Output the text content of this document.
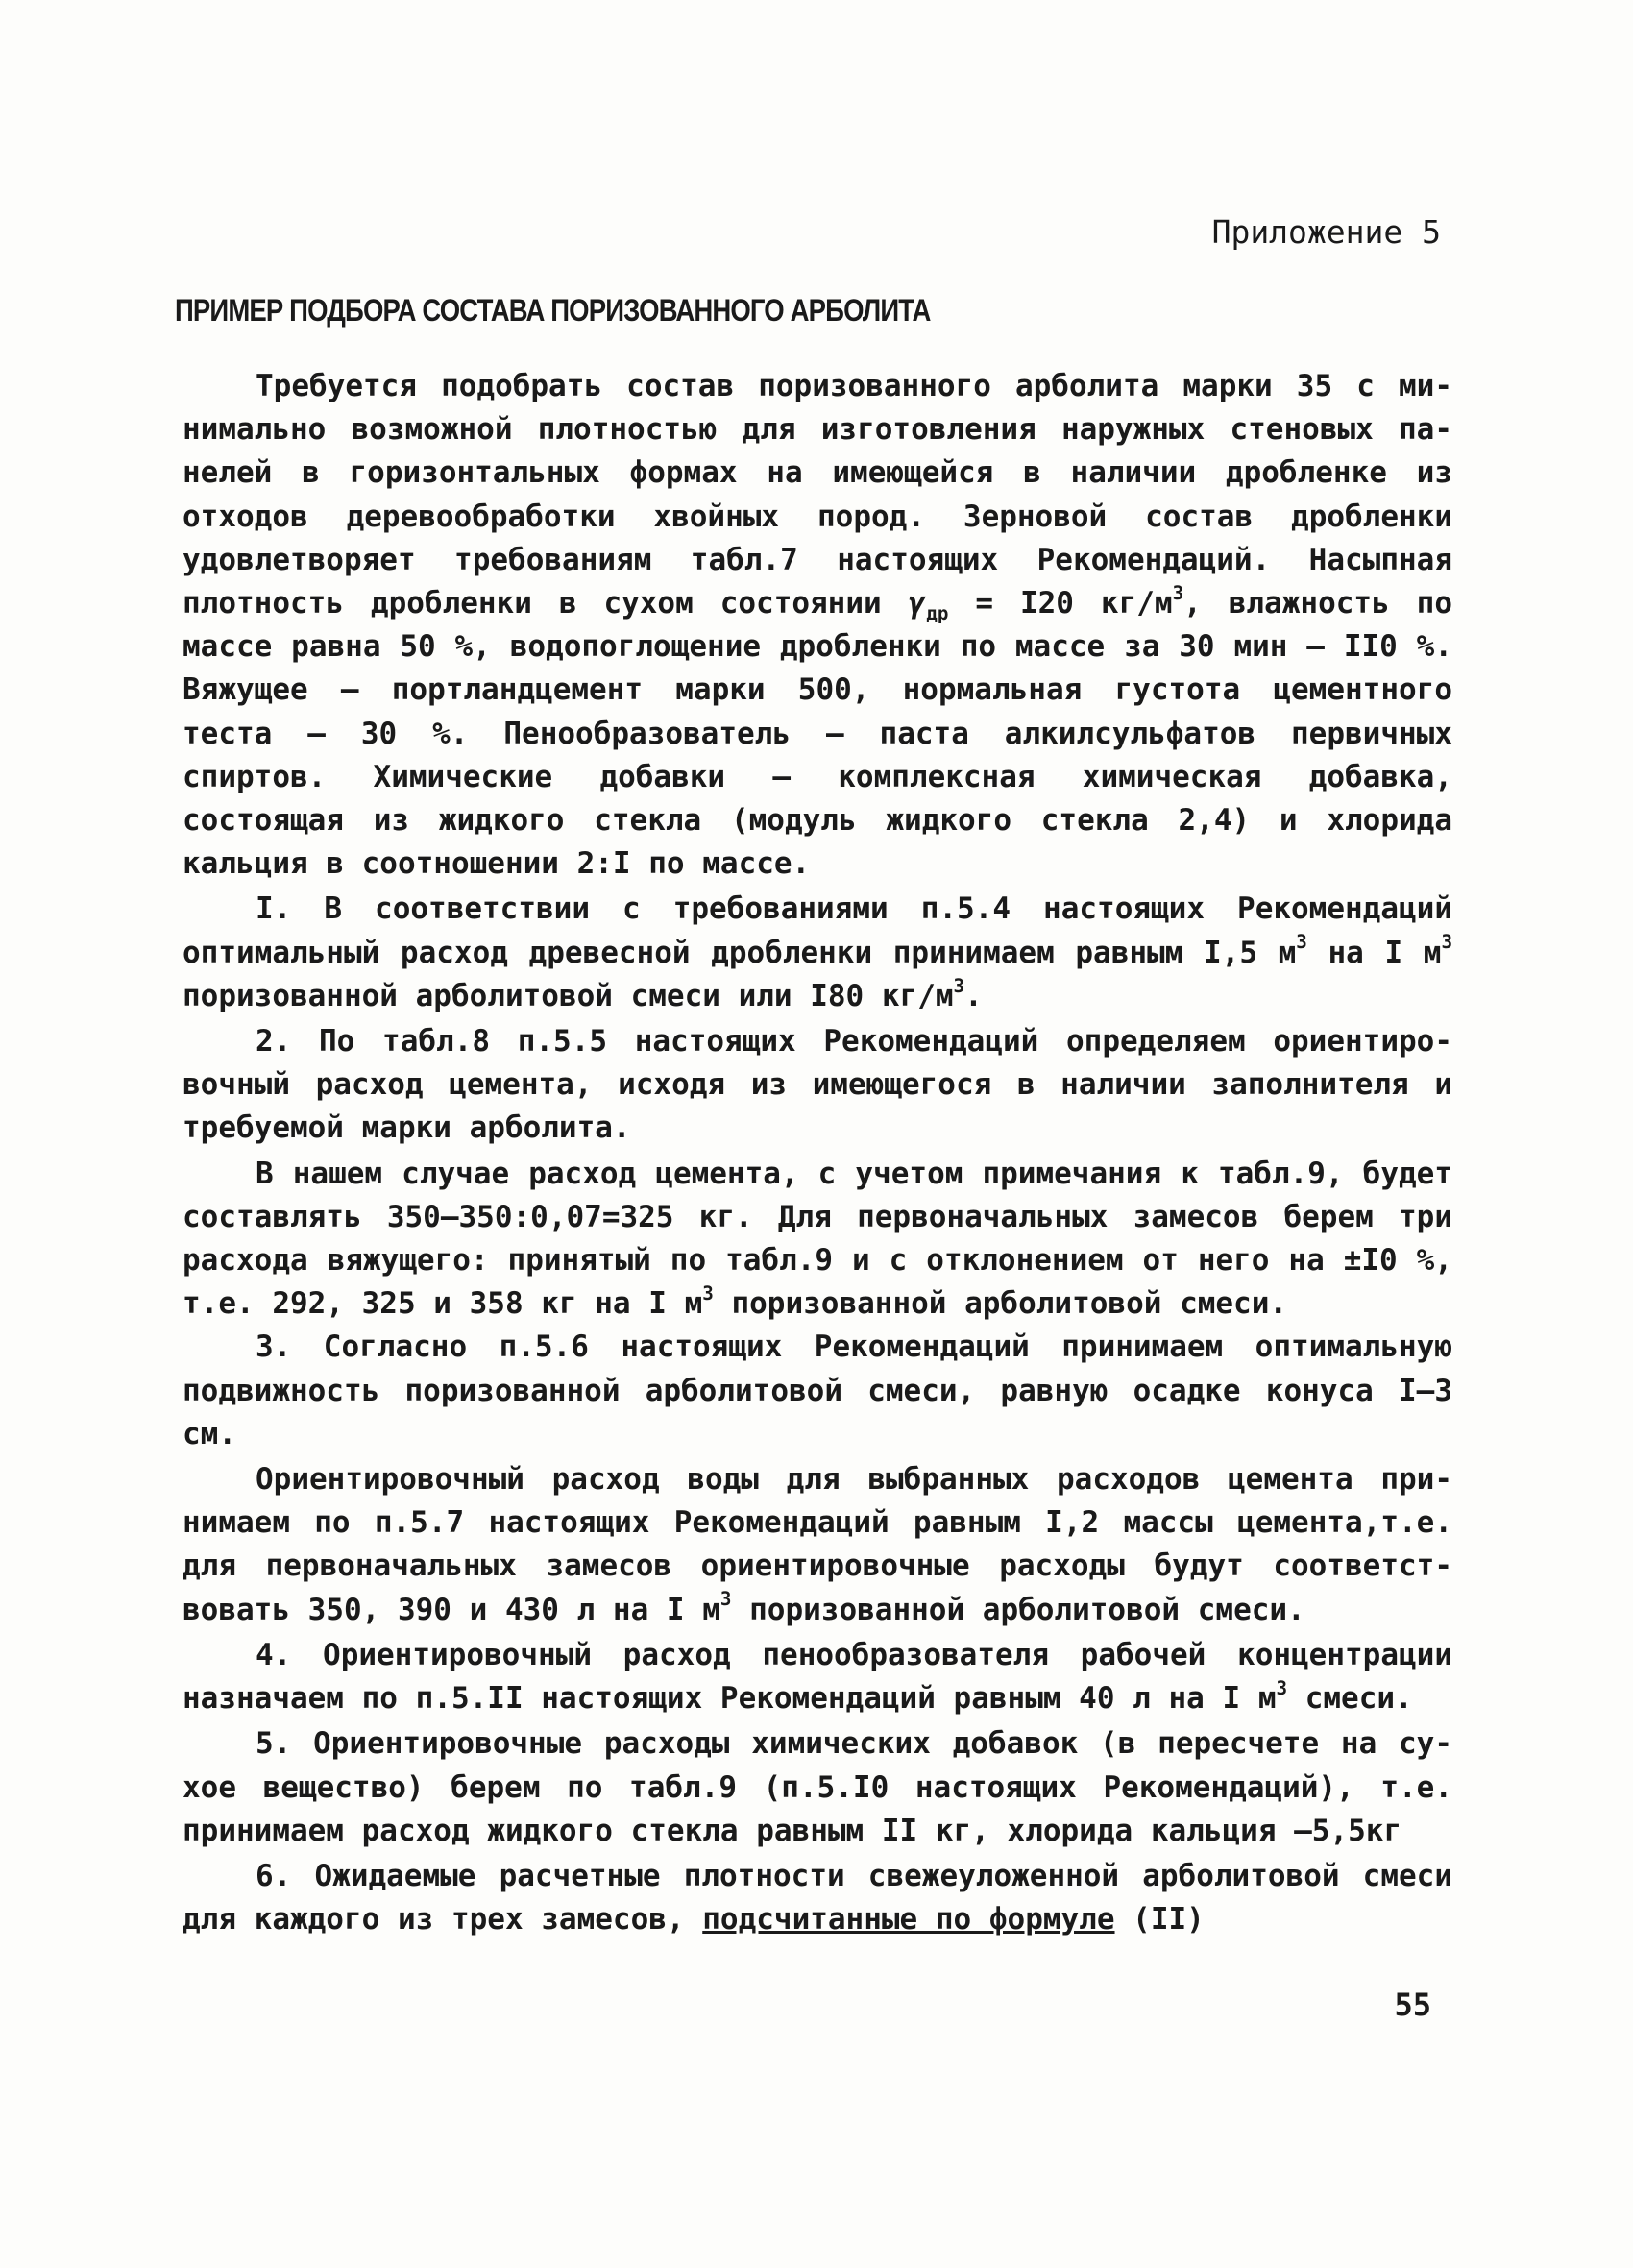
Приложение 5
ПРИМЕР ПОДБОРА СОСТАВА ПОРИЗОВАННОГО АРБОЛИТА

Требуется подобрать состав поризованного арболита марки 35 с минимально возможной плотностью для изготовления наружных стеновых панелей в горизонтальных формах на имеющейся в наличии дробленке из отходов деревообработки хвойных пород. Зерновой состав дробленки удовлетворяет требованиям табл.7 настоящих Рекомендаций. Насыпная плотность дробленки в сухом состоянии $\gamma_{др} = I20$ $кг/м^3$, влажность по массе равна 50 %, водопоглощение дробленки по массе за 30 мин – II0 %. Вяжущее – портландцемент марки 500, нормальная густота цементного теста – 30 %. Пенообразователь – паста алкилсульфатов первичных спиртов. Химические добавки – комплексная химическая добавка, состоящая из жидкого стекла (модуль жидкого стекла 2,4) и хлорида кальция в соотношении 2:I по массе.

I. В соответствии с требованиями п.5.4 настоящих Рекомендаций оптимальный расход древесной дробленки принимаем равным I,5 $м^3$ на I $м^3$ поризованной арболитовой смеси или I80 $кг/м^3$.

2. По табл.8 п.5.5 настоящих Рекомендаций определяем ориентировочный расход цемента, исходя из имеющегося в наличии заполнителя и требуемой марки арболита.

В нашем случае расход цемента, с учетом примечания к табл.9, будет составлять 350–350:0,07=325 кг. Для первоначальных замесов берем три расхода вяжущего: принятый по табл.9 и с отклонением от него на ±I0 %, т.е. 292, 325 и 358 кг на I $м^3$ поризованной арболитовой смеси.

3. Согласно п.5.6 настоящих Рекомендаций принимаем оптимальную подвижность поризованной арболитовой смеси, равную осадке конуса I–3 см.

Ориентировочный расход воды для выбранных расходов цемента принимаем по п.5.7 настоящих Рекомендаций равным I,2 массы цемента,т.е. для первоначальных замесов ориентировочные расходы будут соответствовать 350, 390 и 430 л на I $м^3$ поризованной арболитовой смеси.

4. Ориентировочный расход пенообразователя рабочей концентрации назначаем по п.5.II настоящих Рекомендаций равным 40 л на I $м^3$ смеси.

5. Ориентировочные расходы химических добавок (в пересчете на сухое вещество) берем по табл.9 (п.5.I0 настоящих Рекомендаций), т.е. принимаем расход жидкого стекла равным II кг, хлорида кальция –5,5кг

6. Ожидаемые расчетные плотности свежеуложенной арболитовой смеси для каждого из трех замесов, подсчитанные по формуле (II)

55
